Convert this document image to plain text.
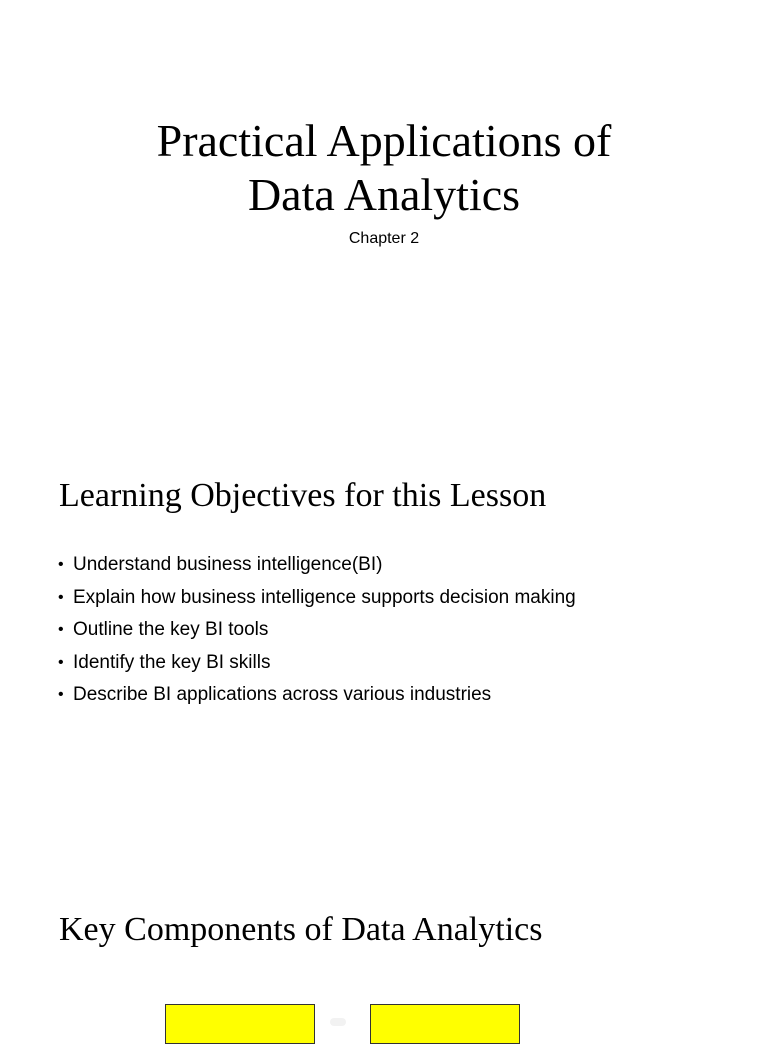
Practical Applications of
Data Analytics
Chapter 2
Learning Objectives for this Lesson
• Understand business intelligence(BI)
• Explain how business intelligence supports decision making
• Outline the key BI tools
• Identify the key BI skills
• Describe BI applications across various industries
Key Components of Data Analytics
